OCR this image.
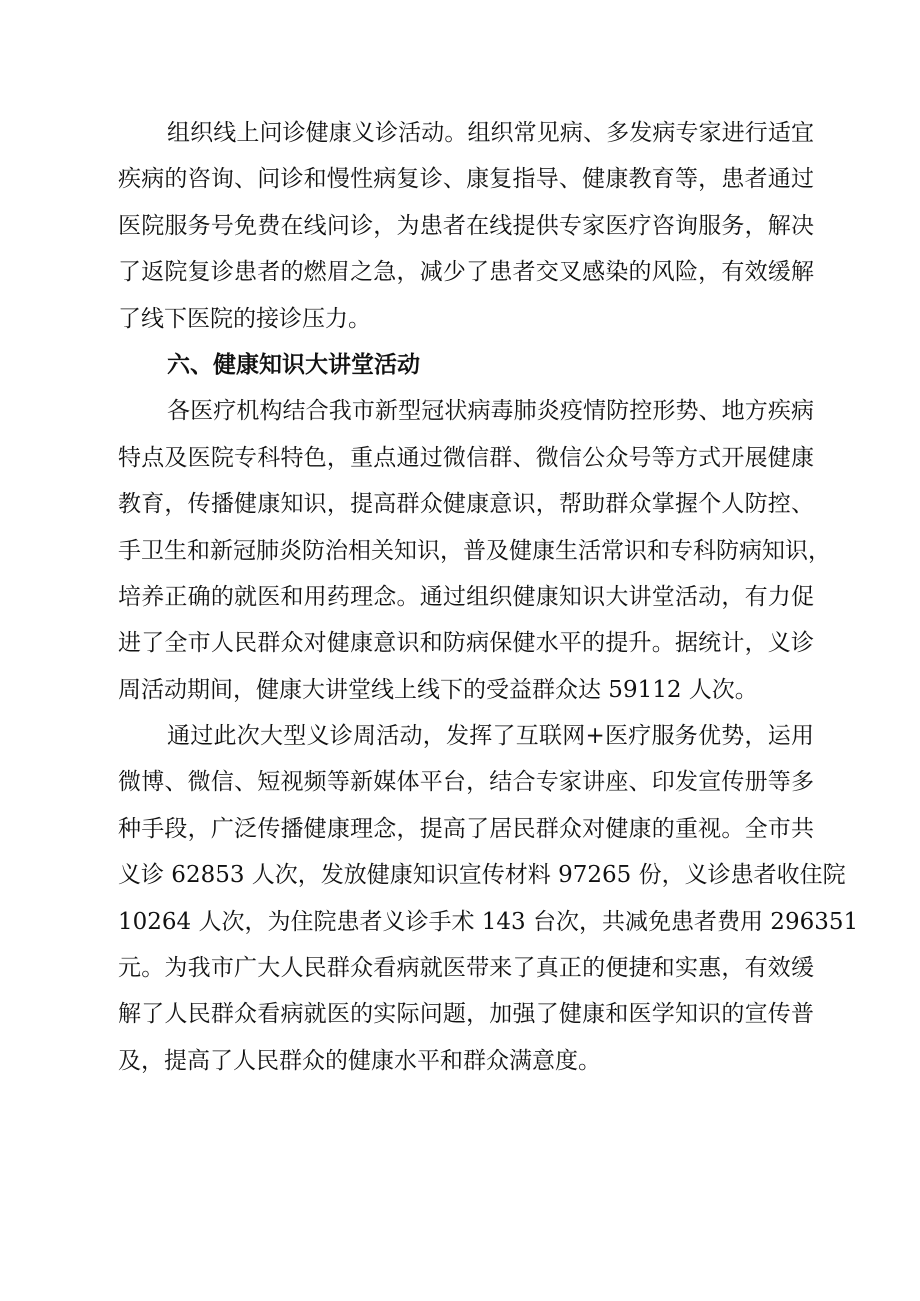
组织线上问诊健康义诊活动。组织常见病、多发病专家进行适宜
疾病的咨询、问诊和慢性病复诊、康复指导、健康教育等，患者通过
医院服务号免费在线问诊，为患者在线提供专家医疗咨询服务，解决
了返院复诊患者的燃眉之急，减少了患者交叉感染的风险，有效缓解
了线下医院的接诊压力。
六、健康知识大讲堂活动
各医疗机构结合我市新型冠状病毒肺炎疫情防控形势、地方疾病
特点及医院专科特色，重点通过微信群、微信公众号等方式开展健康
教育，传播健康知识，提高群众健康意识，帮助群众掌握个人防控、
手卫生和新冠肺炎防治相关知识，普及健康生活常识和专科防病知识，
培养正确的就医和用药理念。通过组织健康知识大讲堂活动，有力促
进了全市人民群众对健康意识和防病保健水平的提升。据统计，义诊
周活动期间，健康大讲堂线上线下的受益群众达 59112 人次。
通过此次大型义诊周活动，发挥了互联网+医疗服务优势，运用
微博、微信、短视频等新媒体平台，结合专家讲座、印发宣传册等多
种手段，广泛传播健康理念，提高了居民群众对健康的重视。全市共
义诊 62853 人次，发放健康知识宣传材料 97265 份，义诊患者收住院
10264 人次，为住院患者义诊手术 143 台次，共减免患者费用 296351
元。为我市广大人民群众看病就医带来了真正的便捷和实惠，有效缓
解了人民群众看病就医的实际问题，加强了健康和医学知识的宣传普
及，提高了人民群众的健康水平和群众满意度。
